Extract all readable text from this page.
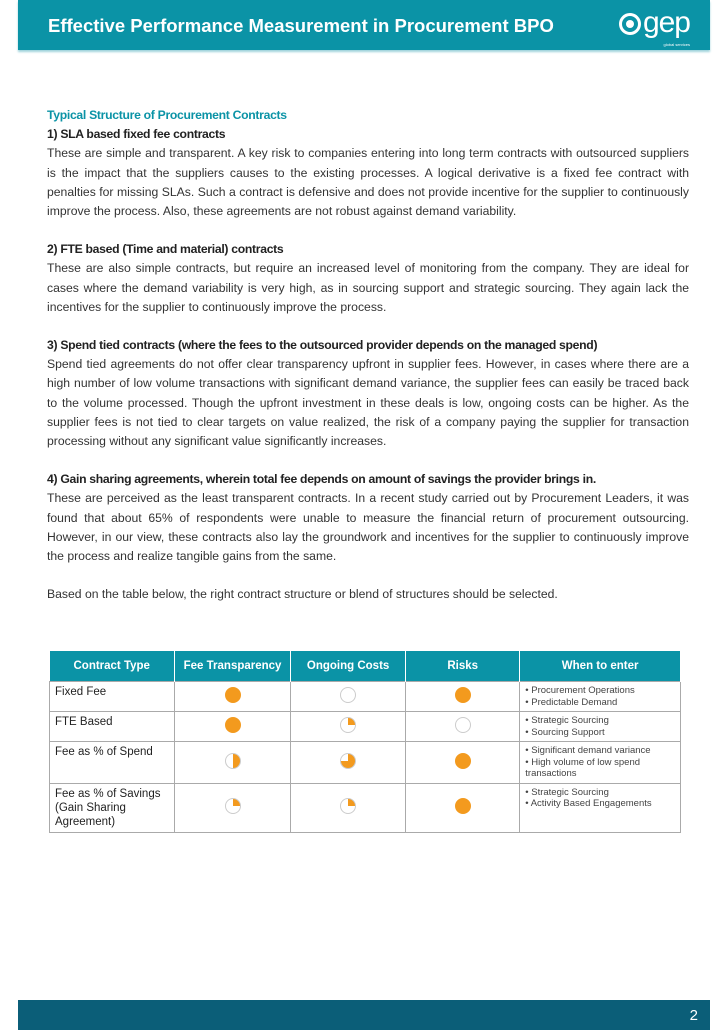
Effective Performance Measurement in Procurement BPO	gep
global services
Typical Structure of Procurement Contracts
1) SLA based fixed fee contracts

These are simple and transparent. A key risk to companies entering into long term contracts with outsourced suppliers is the impact that the suppliers causes to the existing processes. A logical derivative is a fixed fee contract with penalties for missing SLAs. Such a contract is defensive and does not provide incentive for the supplier to continuously improve the process. Also, these agreements are not robust against demand variability.

2) FTE based (Time and material) contracts

These are also simple contracts, but require an increased level of monitoring from the company. They are ideal for cases where the demand variability is very high, as in sourcing support and strategic sourcing. They again lack the incentives for the supplier to continuously improve the process.

3) Spend tied contracts (where the fees to the outsourced provider depends on the managed spend)

Spend tied agreements do not offer clear transparency upfront in supplier fees. However, in cases where there are a high number of low volume transactions with significant demand variance, the supplier fees can easily be traced back to the volume processed. Though the upfront investment in these deals is low, ongoing costs can be higher. As the supplier fees is not tied to clear targets on value realized, the risk of a company paying the supplier for transaction processing without any significant value significantly increases.

4) Gain sharing agreements, wherein total fee depends on amount of savings the provider brings in.

These are perceived as the least transparent contracts. In a recent study carried out by Procurement Leaders, it was found that about 65% of respondents were unable to measure the financial return of procurement outsourcing. However, in our view, these contracts also lay the groundwork and incentives for the supplier to continuously improve the process and realize tangible gains from the same.

Based on the table below, the right contract structure or blend of structures should be selected.

Contract Type	Fee Transparency	Ongoing Costs	Risks	When to enter
Fixed Fee				• Procurement Operations
• Predictable Demand

FTE Based				• Strategic Sourcing
• Sourcing Support

Fee as % of Spend				• Significant demand variance
• High volume of low spend transactions

Fee as % of Savings (Gain Sharing Agreement)				• Strategic Sourcing
• Activity Based Engagements
2
